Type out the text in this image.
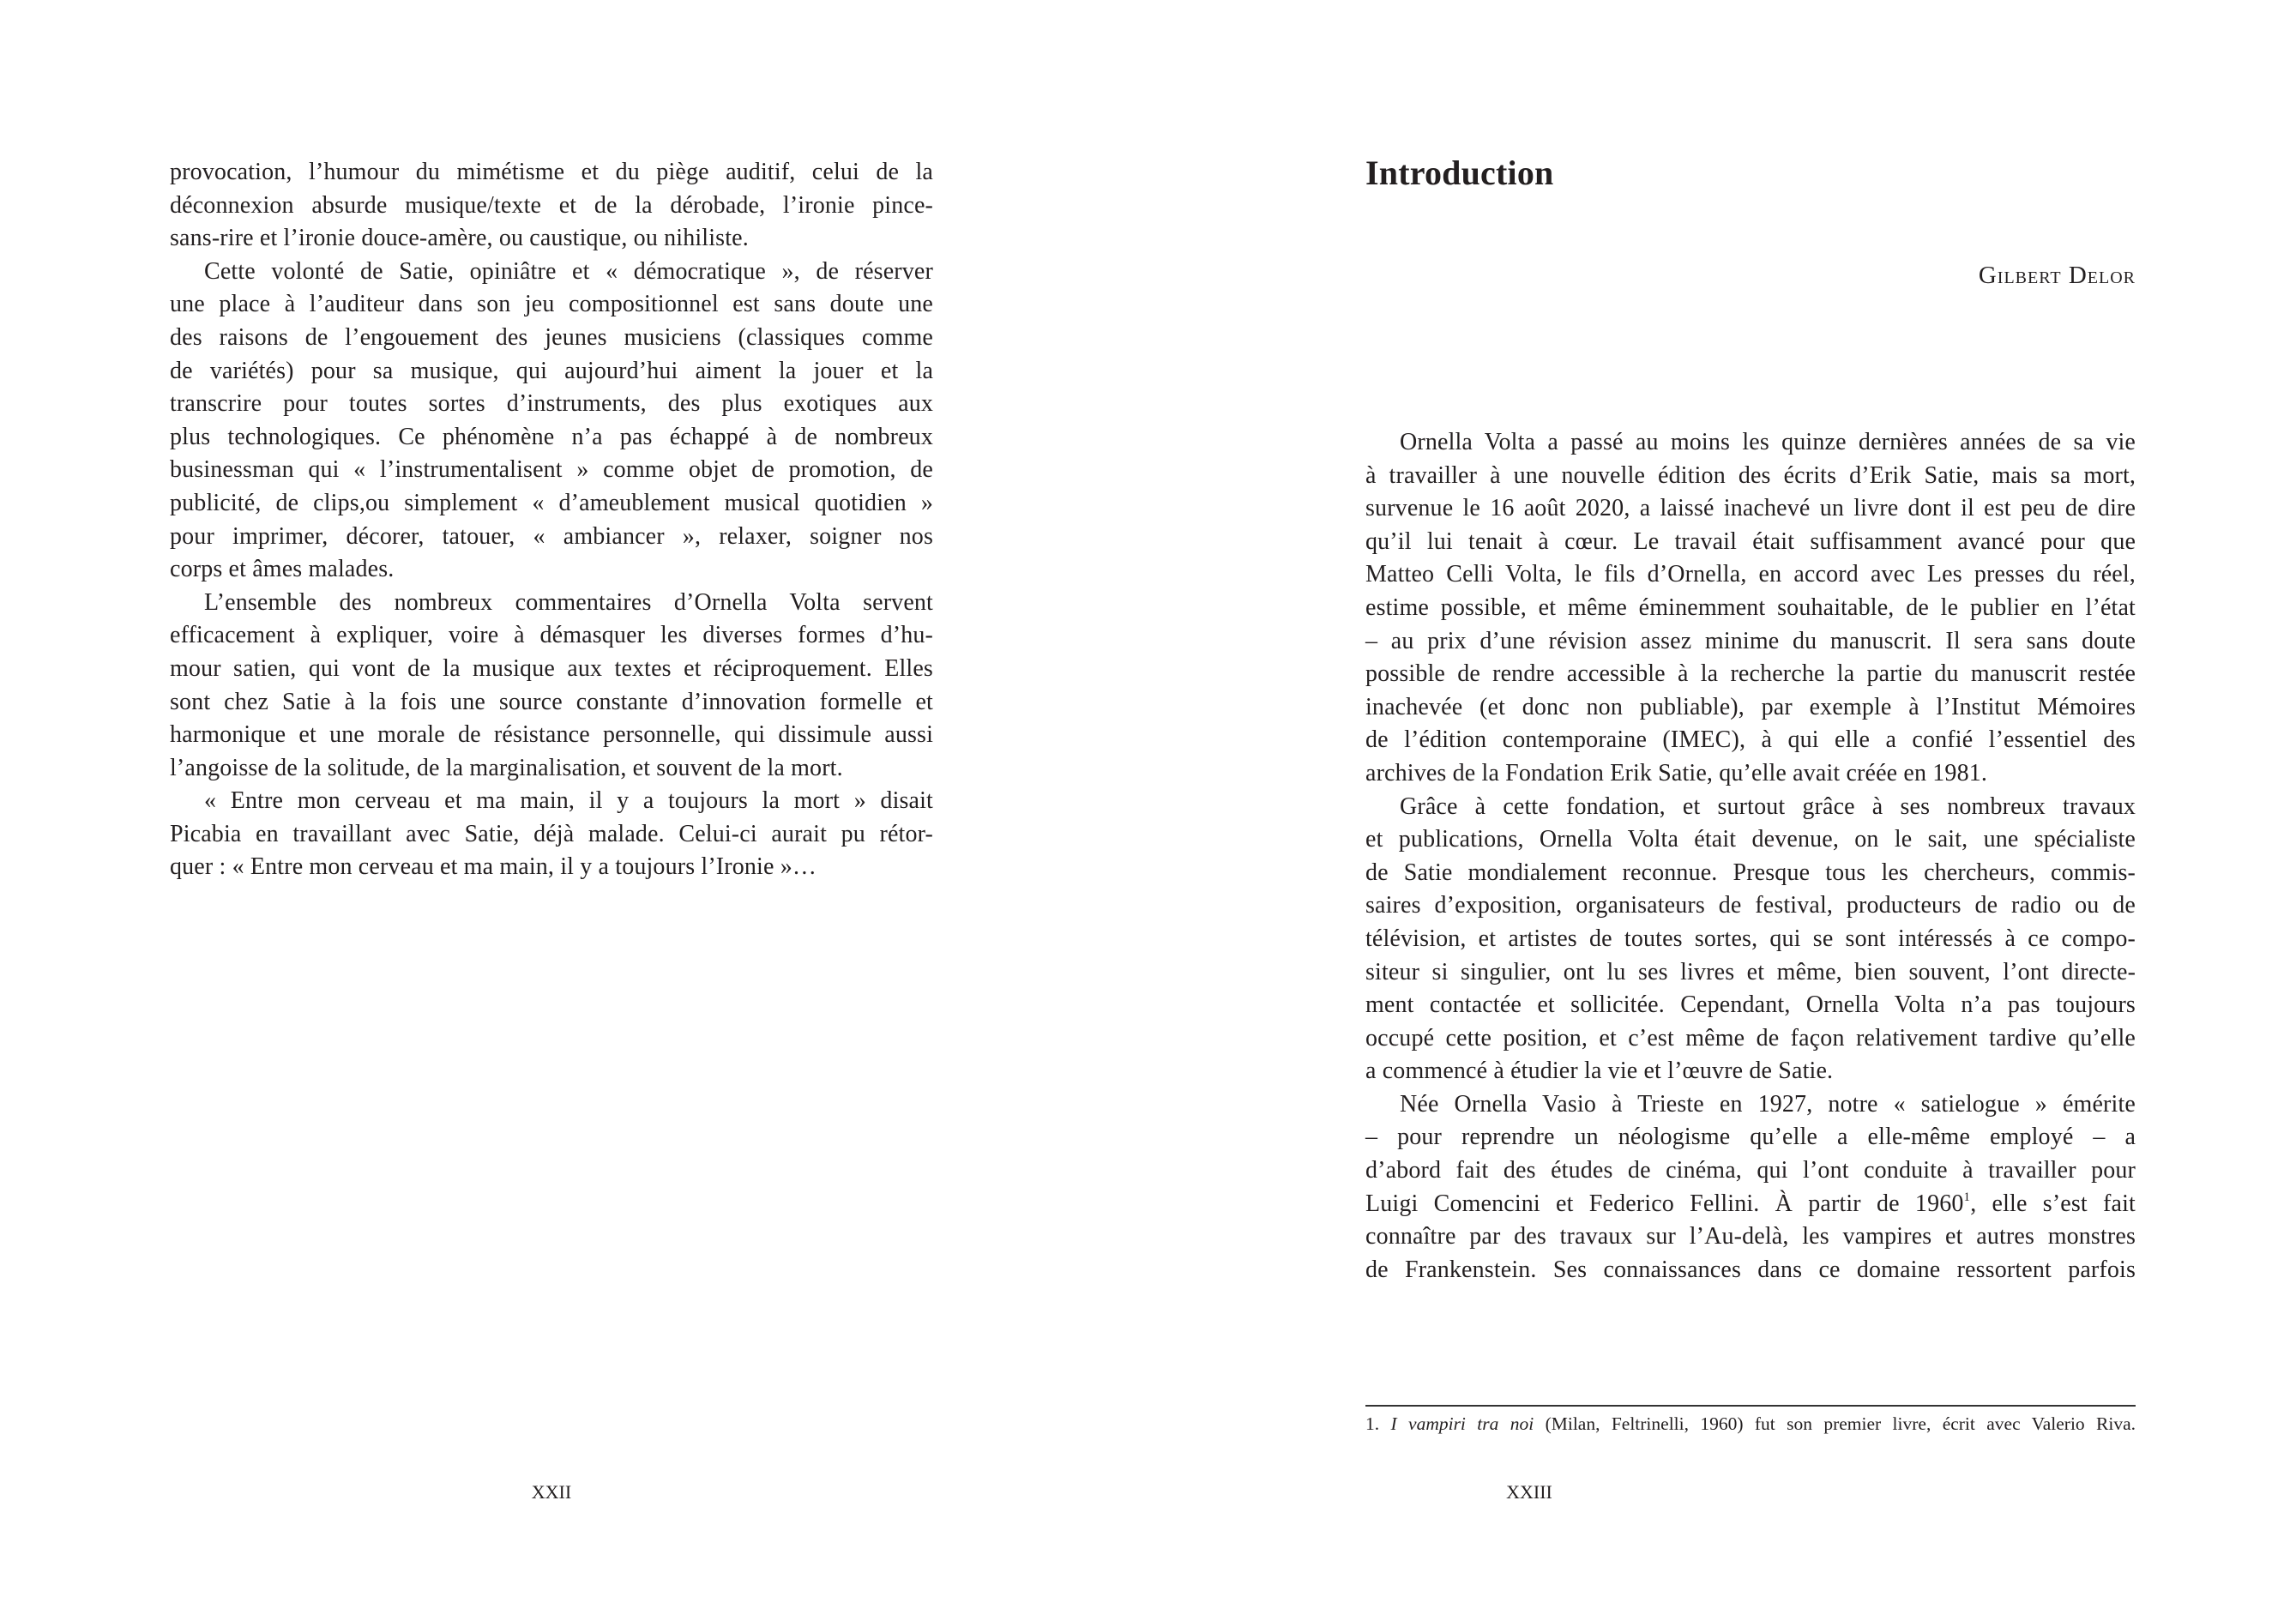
provocation, l’humour du mimétisme et du piège auditif, celui de la
déconnexion absurde musique/texte et de la dérobade, l’ironie pince-
sans-rire et l’ironie douce-amère, ou caustique, ou nihiliste.
Cette volonté de Satie, opiniâtre et « démocratique », de réserver
une place à l’auditeur dans son jeu compositionnel est sans doute une
des raisons de l’engouement des jeunes musiciens (classiques comme
de variétés) pour sa musique, qui aujourd’hui aiment la jouer et la
transcrire pour toutes sortes d’instruments, des plus exotiques aux
plus technologiques. Ce phénomène n’a pas échappé à de nombreux
businessman qui « l’instrumentalisent » comme objet de promotion, de
publicité, de clips,ou simplement « d’ameublement musical quotidien »
pour imprimer, décorer, tatouer, « ambiancer », relaxer, soigner nos
corps et âmes malades.
L’ensemble des nombreux commentaires d’Ornella Volta servent
efficacement à expliquer, voire à démasquer les diverses formes d’hu-
mour satien, qui vont de la musique aux textes et réciproquement. Elles
sont chez Satie à la fois une source constante d’innovation formelle et
harmonique et une morale de résistance personnelle, qui dissimule aussi
l’angoisse de la solitude, de la marginalisation, et souvent de la mort.
« Entre mon cerveau et ma main, il y a toujours la mort » disait
Picabia en travaillant avec Satie, déjà malade. Celui-ci aurait pu rétor-
quer : « Entre mon cerveau et ma main, il y a toujours l’Ironie »…
XXII
Introduction
Gilbert Delor
Ornella Volta a passé au moins les quinze dernières années de sa vie
à travailler à une nouvelle édition des écrits d’Erik Satie, mais sa mort,
survenue le 16 août 2020, a laissé inachevé un livre dont il est peu de dire
qu’il lui tenait à cœur. Le travail était suffisamment avancé pour que
Matteo Celli Volta, le fils d’Ornella, en accord avec Les presses du réel,
estime possible, et même éminemment souhaitable, de le publier en l’état
– au prix d’une révision assez minime du manuscrit. Il sera sans doute
possible de rendre accessible à la recherche la partie du manuscrit restée
inachevée (et donc non publiable), par exemple à l’Institut Mémoires
de l’édition contemporaine (IMEC), à qui elle a confié l’essentiel des
archives de la Fondation Erik Satie, qu’elle avait créée en 1981.
Grâce à cette fondation, et surtout grâce à ses nombreux travaux
et publications, Ornella Volta était devenue, on le sait, une spécialiste
de Satie mondialement reconnue. Presque tous les chercheurs, commis-
saires d’exposition, organisateurs de festival, producteurs de radio ou de
télévision, et artistes de toutes sortes, qui se sont intéressés à ce compo-
siteur si singulier, ont lu ses livres et même, bien souvent, l’ont directe-
ment contactée et sollicitée. Cependant, Ornella Volta n’a pas toujours
occupé cette position, et c’est même de façon relativement tardive qu’elle
a commencé à étudier la vie et l’œuvre de Satie.
Née Ornella Vasio à Trieste en 1927, notre « satielogue » émérite
– pour reprendre un néologisme qu’elle a elle-même employé – a
d’abord fait des études de cinéma, qui l’ont conduite à travailler pour
Luigi Comencini et Federico Fellini. À partir de 1960$^1$, elle s’est fait
connaître par des travaux sur l’Au-delà, les vampires et autres monstres
de Frankenstein. Ses connaissances dans ce domaine ressortent parfois
1. I vampiri tra noi (Milan, Feltrinelli, 1960) fut son premier livre, écrit avec Valerio Riva.
XXIII
